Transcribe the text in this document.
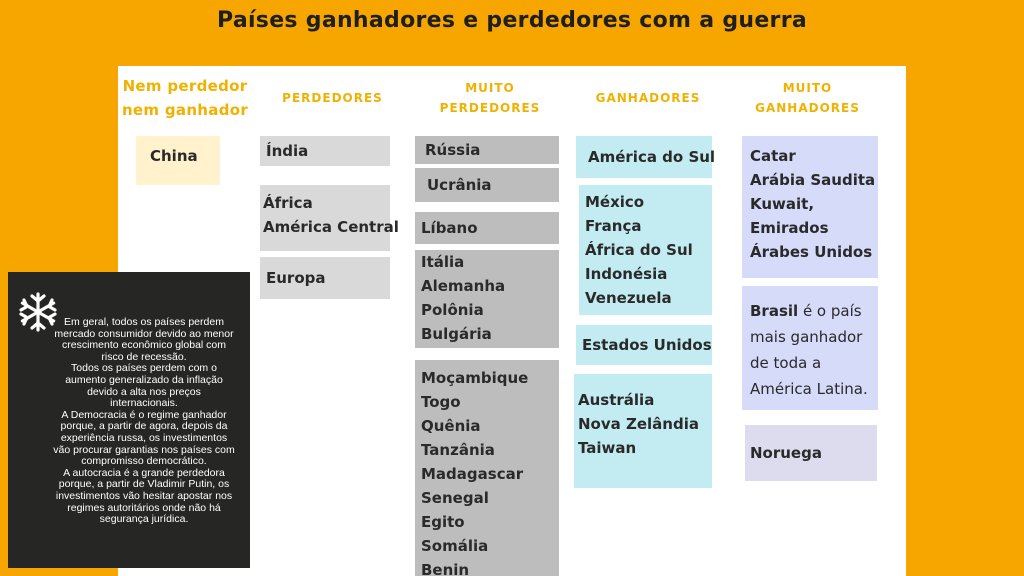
Países ganhadores e perdedores com a guerra
Nem perdedor
nem ganhador
PERDEDORES
MUITO
PERDEDORES
GANHADORES
MUITO
GANHADORES
China	Índia
África
América Central
Europa
Rússia
Ucrânia
Líbano
Itália
Alemanha
Polônia
Bulgária
Moçambique
Togo
Quênia
Tanzânia
Madagascar
Senegal
Egito
Somália
Benin
América do Sul
México
França
África do Sul
Indonésia
Venezuela
Estados Unidos
Austrália
Nova Zelândia
Taiwan
Catar
Arábia Saudita
Kuwait,
Emirados
Árabes Unidos
Brasil é o país
mais ganhador
de toda a
América Latina.
Noruega
Em geral, todos os países perdem
mercado consumidor devido ao menor
crescimento econômico global com
risco de recessão.
Todos os países perdem com o
aumento generalizado da inflação
devido a alta nos preços
internacionais.
A Democracia é o regime ganhador
porque, a partir de agora, depois da
experiência russa, os investimentos
vão procurar garantias nos países com
compromisso democrático.
A autocracia é a grande perdedora
porque, a partir de Vladimir Putin, os
investimentos vão hesitar apostar nos
regimes autoritários onde não há
segurança jurídica.
